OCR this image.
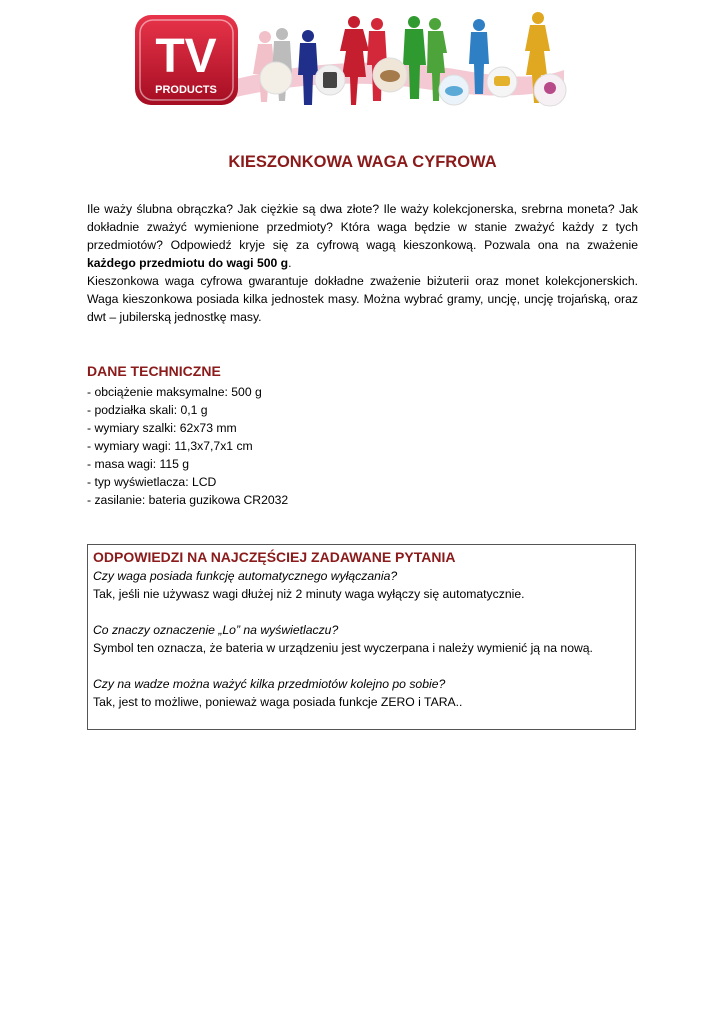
TV
PRODUCTS
KIESZONKOWA WAGA CYFROWA

Ile waży ślubna obrączka? Jak ciężkie są dwa złote? Ile waży kolekcjonerska, srebrna moneta? Jak dokładnie zważyć wymienione przedmioty? Która waga będzie w stanie zważyć każdy z tych przedmiotów? Odpowiedź kryje się za cyfrową wagą kieszonkową. Pozwala ona na zważenie każdego przedmiotu do wagi 500 g.

Kieszonkowa waga cyfrowa gwarantuje dokładne zważenie biżuterii oraz monet kolekcjonerskich. Waga kieszonkowa posiada kilka jednostek masy. Można wybrać gramy, uncję, uncję trojańską, oraz dwt – jubilerską jednostkę masy.

DANE TECHNICZNE
- obciążenie maksymalne: 500 g
- podziałka skali: 0,1 g
- wymiary szalki: 62x73 mm
- wymiary wagi: 11,3x7,7x1 cm
- masa wagi: 115 g
- typ wyświetlacza: LCD
- zasilanie: bateria guzikowa CR2032
ODPOWIEDZI NA NAJCZĘŚCIEJ ZADAWANE PYTANIA

Czy waga posiada funkcję automatycznego wyłączania?

Tak, jeśli nie używasz wagi dłużej niż 2 minuty waga wyłączy się automatycznie.

Co znaczy oznaczenie „Lo” na wyświetlaczu?

Symbol ten oznacza, że bateria w urządzeniu jest wyczerpana i należy wymienić ją na nową.

Czy na wadze można ważyć kilka przedmiotów kolejno po sobie?

Tak, jest to możliwe, ponieważ waga posiada funkcje ZERO i TARA..
